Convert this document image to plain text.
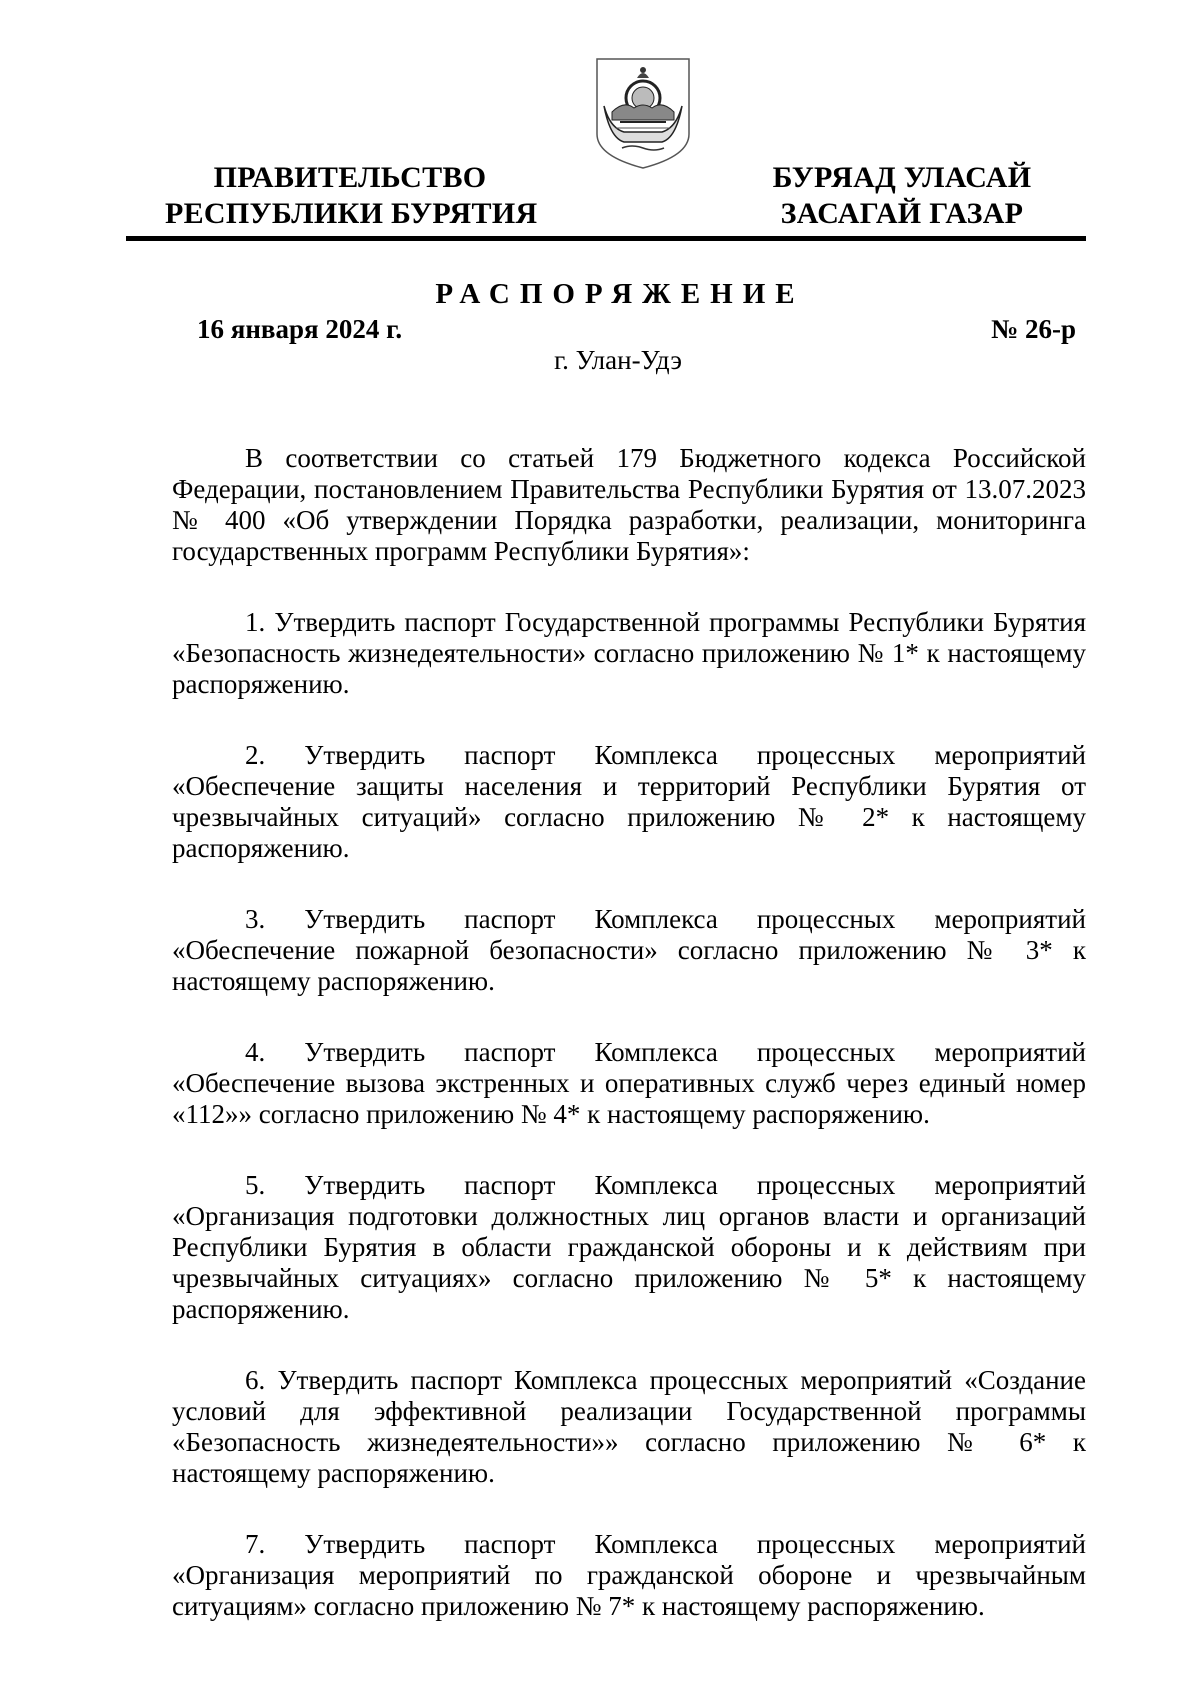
ПРАВИТЕЛЬСТВО
РЕСПУБЛИКИ БУРЯТИЯ
БУРЯАД УЛАСАЙ
ЗАСАГАЙ ГАЗАР
РАСПОРЯЖЕНИЕ
16 января 2024 г.	№ 26-р
г. Улан-Удэ

В соответствии со статьей 179 Бюджетного кодекса Российской Федерации, постановлением Правительства Республики Бурятия от 13.07.2023 № 400 «Об утверждении Порядка разработки, реализации, мониторинга государственных программ Республики Бурятия»:

1. Утвердить паспорт Государственной программы Республики Бурятия «Безопасность жизнедеятельности» согласно приложению № 1* к настоящему распоряжению.

2. Утвердить паспорт Комплекса процессных мероприятий «Обеспечение защиты населения и территорий Республики Бурятия от чрезвычайных ситуаций» согласно приложению № 2* к настоящему распоряжению.

3. Утвердить паспорт Комплекса процессных мероприятий «Обеспечение пожарной безопасности» согласно приложению № 3* к настоящему распоряжению.

4. Утвердить паспорт Комплекса процессных мероприятий «Обеспечение вызова экстренных и оперативных служб через единый номер «112»» согласно приложению № 4* к настоящему распоряжению.

5. Утвердить паспорт Комплекса процессных мероприятий «Организация подготовки должностных лиц органов власти и организаций Республики Бурятия в области гражданской обороны и к действиям при чрезвычайных ситуациях» согласно приложению № 5* к настоящему распоряжению.

6. Утвердить паспорт Комплекса процессных мероприятий «Создание условий для эффективной реализации Государственной программы «Безопасность жизнедеятельности»» согласно приложению № 6* к настоящему распоряжению.

7. Утвердить паспорт Комплекса процессных мероприятий «Организация мероприятий по гражданской обороне и чрезвычайным ситуациям» согласно приложению № 7* к настоящему распоряжению.
